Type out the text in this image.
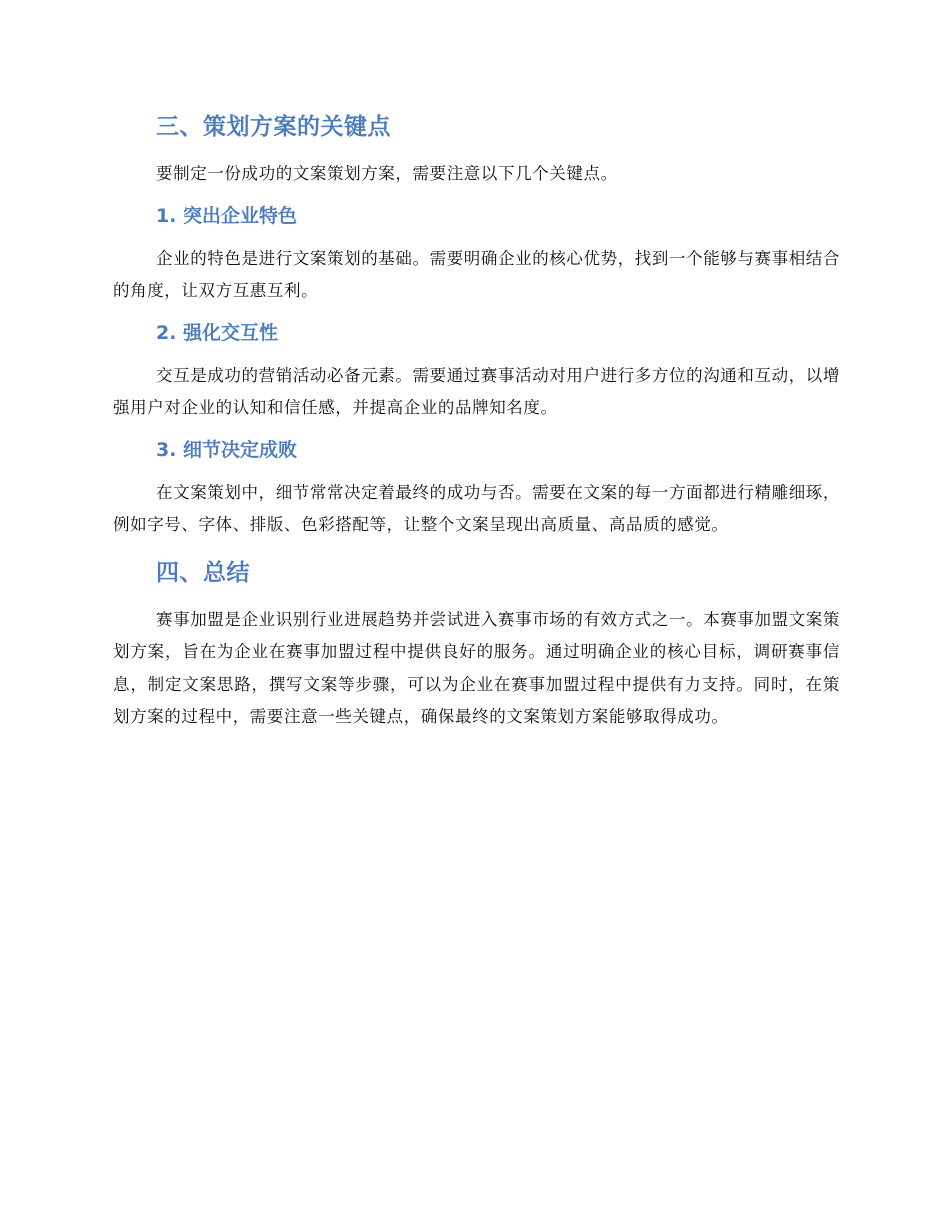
三、策划方案的关键点

要制定一份成功的文案策划方案，需要注意以下几个关键点。

1. 突出企业特色

企业的特色是进行文案策划的基础。需要明确企业的核心优势，找到一个能够与赛事相结合的角度，让双方互惠互利。

2. 强化交互性

交互是成功的营销活动必备元素。需要通过赛事活动对用户进行多方位的沟通和互动，以增强用户对企业的认知和信任感，并提高企业的品牌知名度。

3. 细节决定成败

在文案策划中，细节常常决定着最终的成功与否。需要在文案的每一方面都进行精雕细琢，例如字号、字体、排版、色彩搭配等，让整个文案呈现出高质量、高品质的感觉。

四、总结

赛事加盟是企业识别行业进展趋势并尝试进入赛事市场的有效方式之一。本赛事加盟文案策划方案，旨在为企业在赛事加盟过程中提供良好的服务。通过明确企业的核心目标，调研赛事信息，制定文案思路，撰写文案等步骤，可以为企业在赛事加盟过程中提供有力支持。同时，在策划方案的过程中，需要注意一些关键点，确保最终的文案策划方案能够取得成功。
